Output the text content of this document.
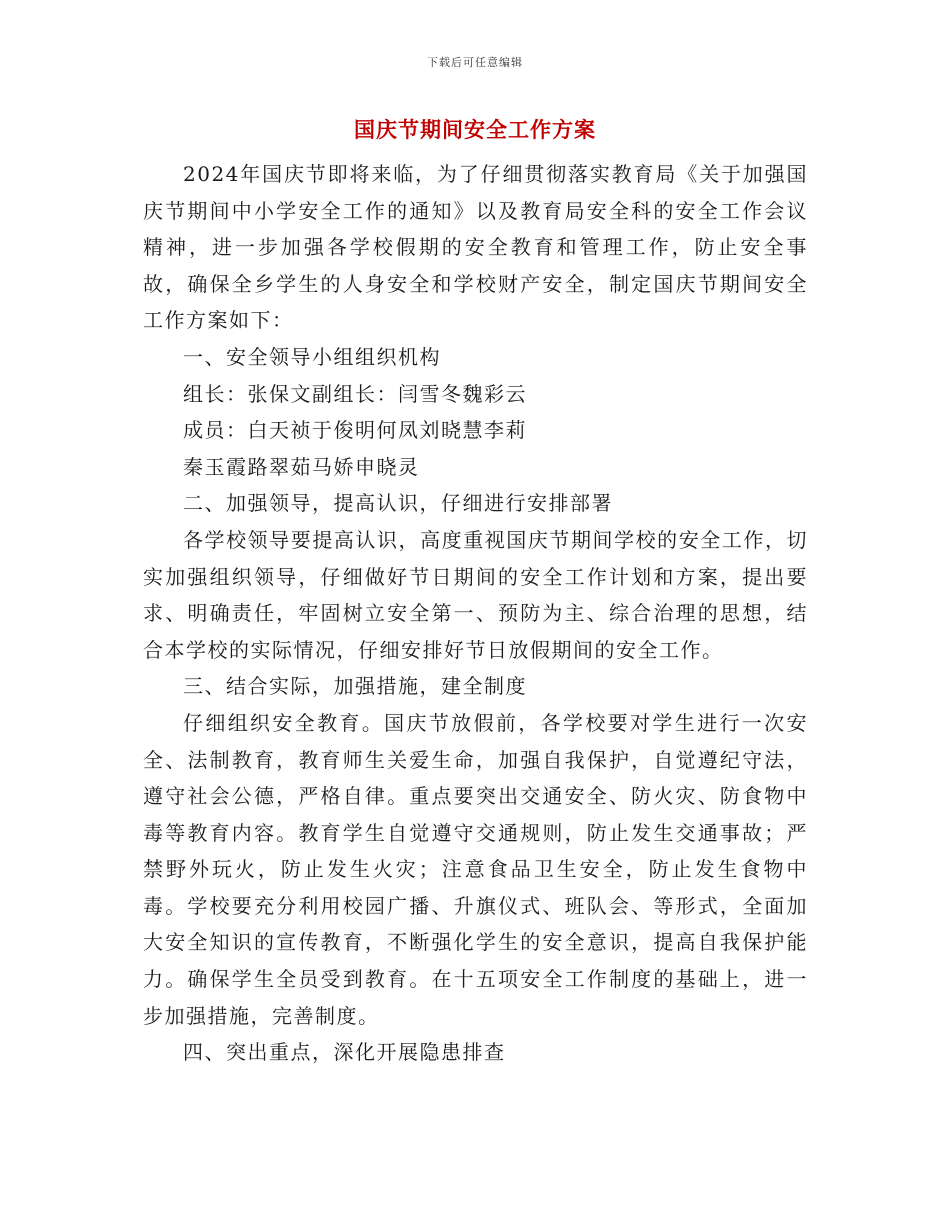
下载后可任意编辑
国庆节期间安全工作方案

2024年国庆节即将来临，为了仔细贯彻落实教育局《关于加强国庆节期间中小学安全工作的通知》以及教育局安全科的安全工作会议精神，进一步加强各学校假期的安全教育和管理工作，防止安全事故，确保全乡学生的人身安全和学校财产安全，制定国庆节期间安全工作方案如下：

一、安全领导小组组织机构

组长：张保文副组长：闫雪冬魏彩云

成员：白天祯于俊明何凤刘晓慧李莉

秦玉霞路翠茹马娇申晓灵

二、加强领导，提高认识，仔细进行安排部署

各学校领导要提高认识，高度重视国庆节期间学校的安全工作，切实加强组织领导，仔细做好节日期间的安全工作计划和方案，提出要求、明确责任，牢固树立安全第一、预防为主、综合治理的思想，结合本学校的实际情况，仔细安排好节日放假期间的安全工作。

三、结合实际，加强措施，建全制度

仔细组织安全教育。国庆节放假前，各学校要对学生进行一次安全、法制教育，教育师生关爱生命，加强自我保护，自觉遵纪守法，遵守社会公德，严格自律。重点要突出交通安全、防火灾、防食物中毒等教育内容。教育学生自觉遵守交通规则，防止发生交通事故；严禁野外玩火，防止发生火灾；注意食品卫生安全，防止发生食物中毒。学校要充分利用校园广播、升旗仪式、班队会、等形式，全面加大安全知识的宣传教育，不断强化学生的安全意识，提高自我保护能力。确保学生全员受到教育。在十五项安全工作制度的基础上，进一步加强措施，完善制度。

四、突出重点，深化开展隐患排查
